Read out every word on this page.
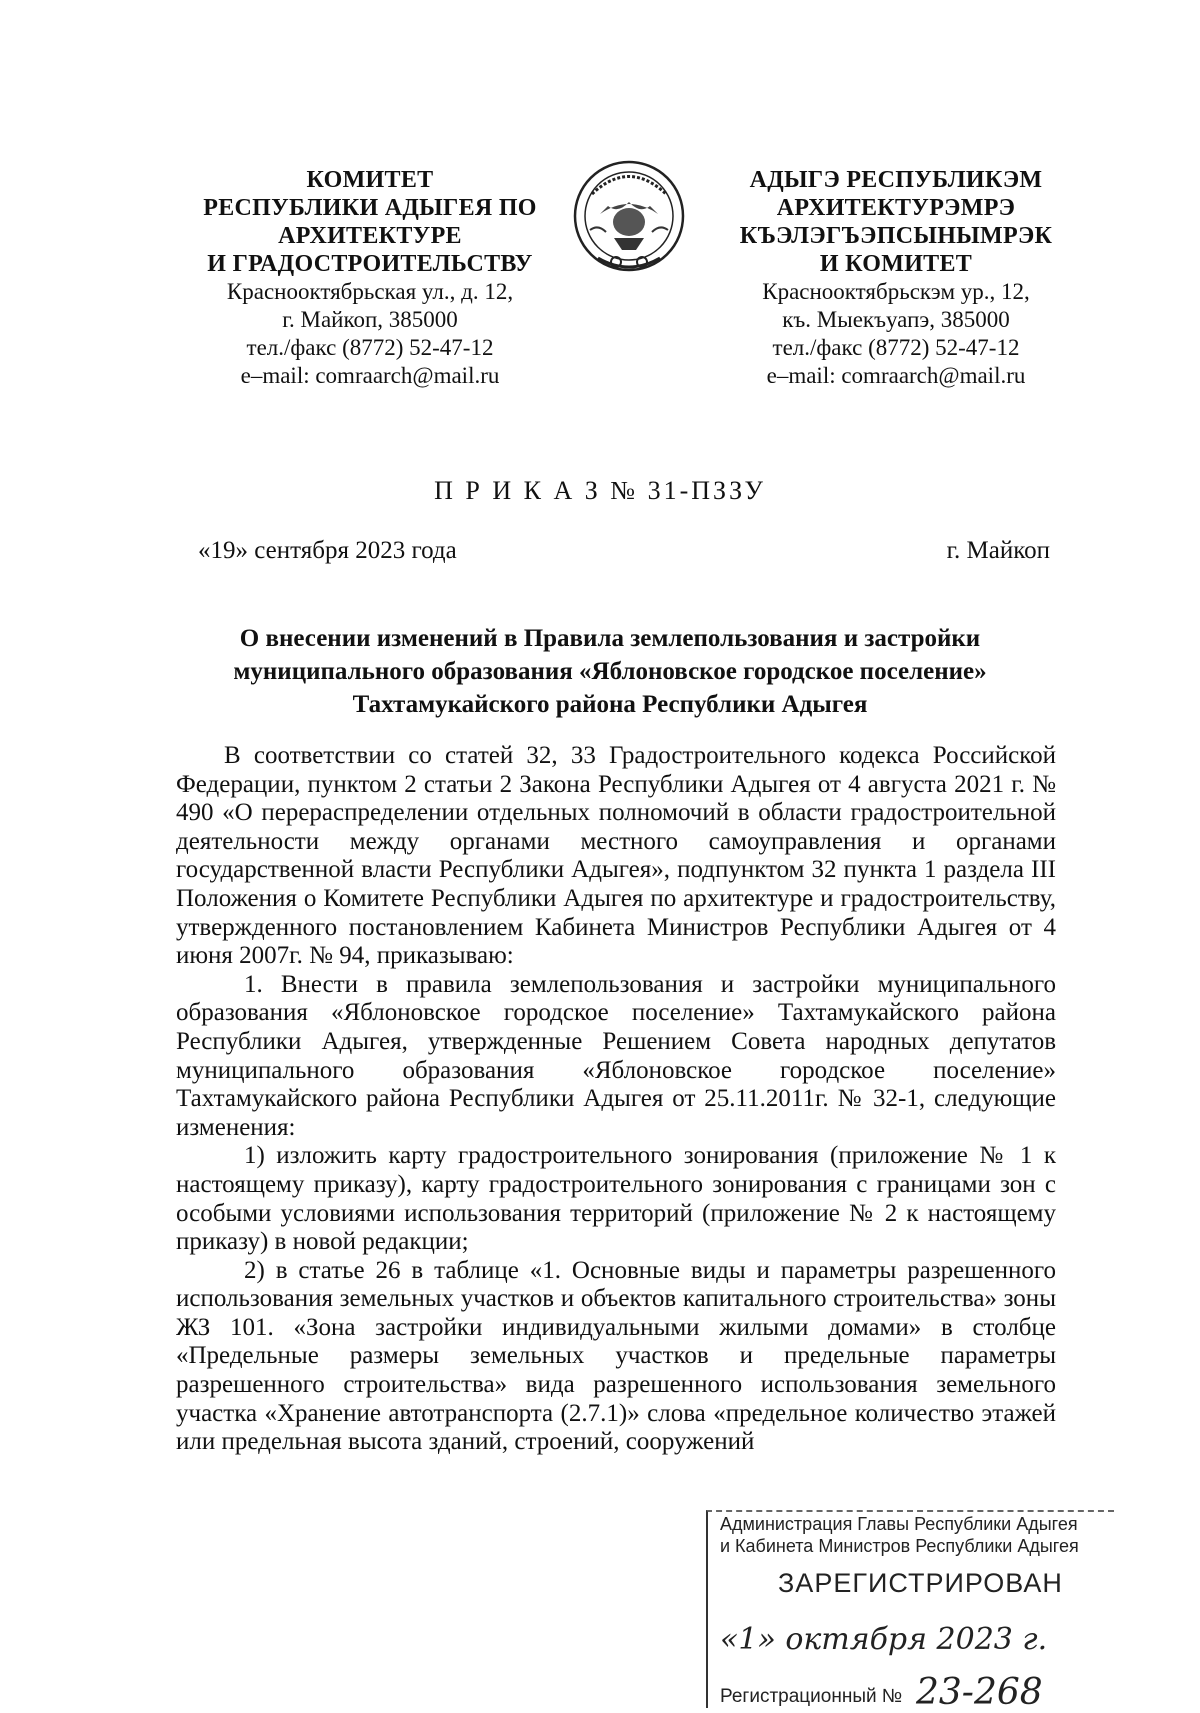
КОМИТЕТ
РЕСПУБЛИКИ АДЫГЕЯ ПО
АРХИТЕКТУРЕ
И ГРАДОСТРОИТЕЛЬСТВУ
Краснооктябрьская ул., д. 12,
г. Майкоп, 385000
тел./факс (8772) 52-47-12
e–mail: comraarch@mail.ru
АДЫГЭ РЕСПУБЛИКЭМ
АРХИТЕКТУРЭМРЭ
КЪЭЛЭГЪЭПСЫНЫМРЭК
И КОМИТЕТ
Краснооктябрьскэм ур., 12,
къ. Мыекъуапэ, 385000
тел./факс (8772) 52-47-12
e–mail: comraarch@mail.ru
П Р И К А З № 31-ПЗЗУ
«19» сентября 2023 года	г. Майкоп
О внесении изменений в Правила землепользования и застройки
муниципального образования «Яблоновское городское поселение»
Тахтамукайского района Республики Адыгея

В соответствии со статей 32, 33 Градостроительного кодекса Российской Федерации, пунктом 2 статьи 2 Закона Республики Адыгея от 4 августа 2021 г. № 490 «О перераспределении отдельных полномочий в области градостроительной деятельности между органами местного самоуправления и органами государственной власти Республики Адыгея», подпунктом 32 пункта 1 раздела III Положения о Комитете Республики Адыгея по архитектуре и градостроительству, утвержденного постановлением Кабинета Министров Республики Адыгея от 4 июня 2007г. № 94, приказываю:

1. Внести в правила землепользования и застройки муниципального образования «Яблоновское городское поселение» Тахтамукайского района Республики Адыгея, утвержденные Решением Совета народных депутатов муниципального образования «Яблоновское городское поселение» Тахтамукайского района Республики Адыгея от 25.11.2011г. № 32-1, следующие изменения:

1) изложить карту градостроительного зонирования (приложение № 1 к настоящему приказу), карту градостроительного зонирования с границами зон с особыми условиями использования территорий (приложение № 2 к настоящему приказу) в новой редакции;

2) в статье 26 в таблице «1. Основные виды и параметры разрешенного использования земельных участков и объектов капитального строительства» зоны ЖЗ 101. «Зона застройки индивидуальными жилыми домами» в столбце «Предельные размеры земельных участков и предельные параметры разрешенного строительства» вида разрешенного использования земельного участка «Хранение автотранспорта (2.7.1)» слова «предельное количество этажей или предельная высота зданий, строений, сооружений

Администрация Главы Республики Адыгея
и Кабинета Министров Республики Адыгея
ЗАРЕГИСТРИРОВАН
«1» октября 2023 г.
Регистрационный № 23-268
